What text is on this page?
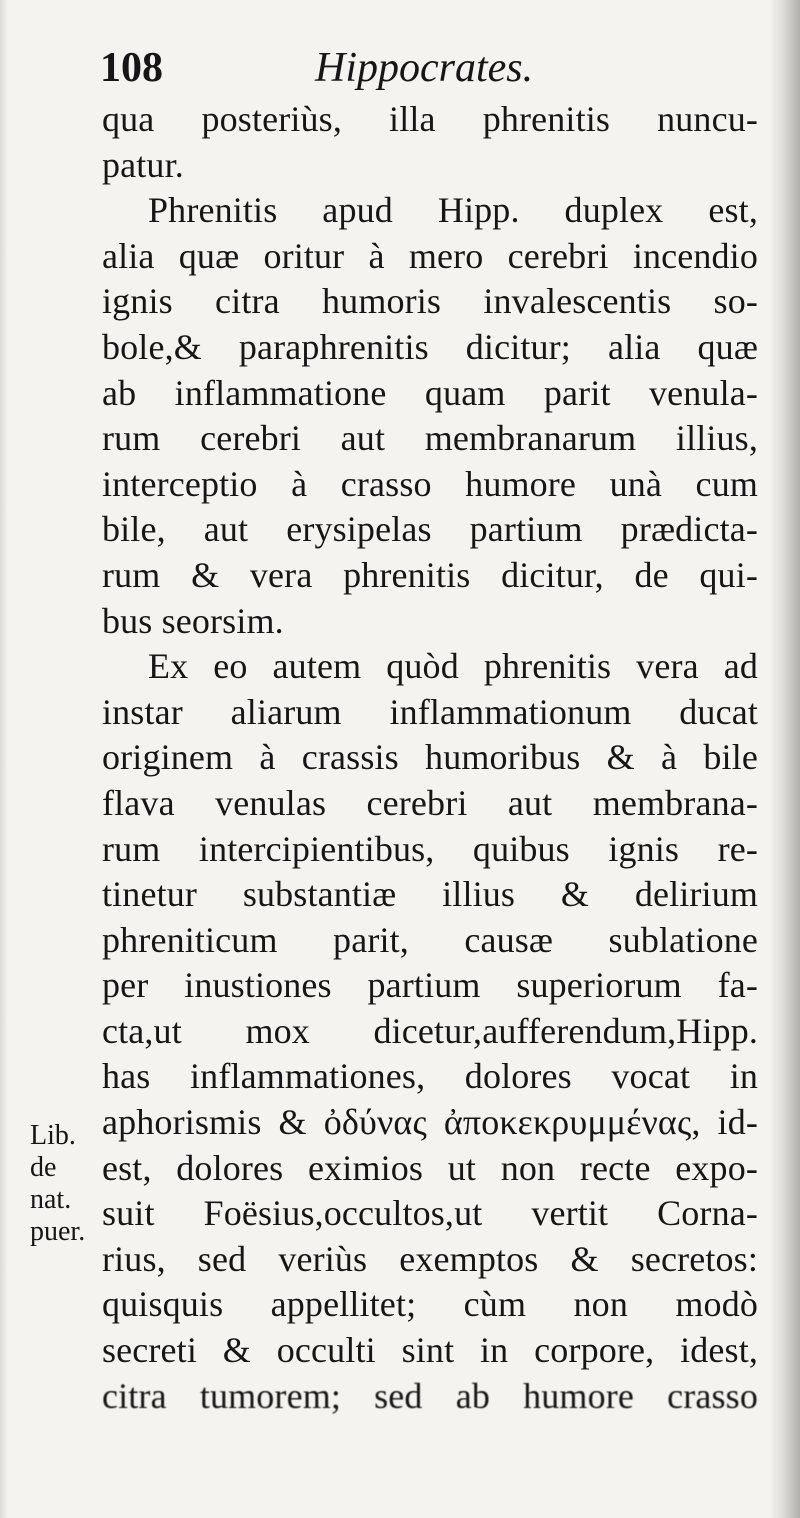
108	Hippocrates.
qua posteriùs, illa phrenitis nuncu-
patur.
Phrenitis apud Hipp. duplex est,
alia quæ oritur à mero cerebri incendio
ignis citra humoris invalescentis so-
bole,& paraphrenitis dicitur; alia quæ
ab inflammatione quam parit venula-
rum cerebri aut membranarum illius,
interceptio à crasso humore unà cum
bile, aut erysipelas partium prædicta-
rum & vera phrenitis dicitur, de qui-
bus seorsim.
Ex eo autem quòd phrenitis vera ad
instar aliarum inflammationum ducat
originem à crassis humoribus & à bile
flava venulas cerebri aut membrana-
rum intercipientibus, quibus ignis re-
tinetur substantiæ illius & delirium
phreniticum parit, causæ sublatione
per inustiones partium superiorum fa-
cta,ut mox dicetur,aufferendum,Hipp.
has inflammationes, dolores vocat in
aphorismis & ὀδύνας ἀποκεκρυμμένας, id-
est, dolores eximios ut non recte expo-
suit Foësius,occultos,ut vertit Corna-
rius, sed veriùs exemptos & secretos:
quisquis appellitet; cùm non modò
secreti & occulti sint in corpore, idest,
citra tumorem; sed ab humore crasso
Lib.
de
nat.
puer.
